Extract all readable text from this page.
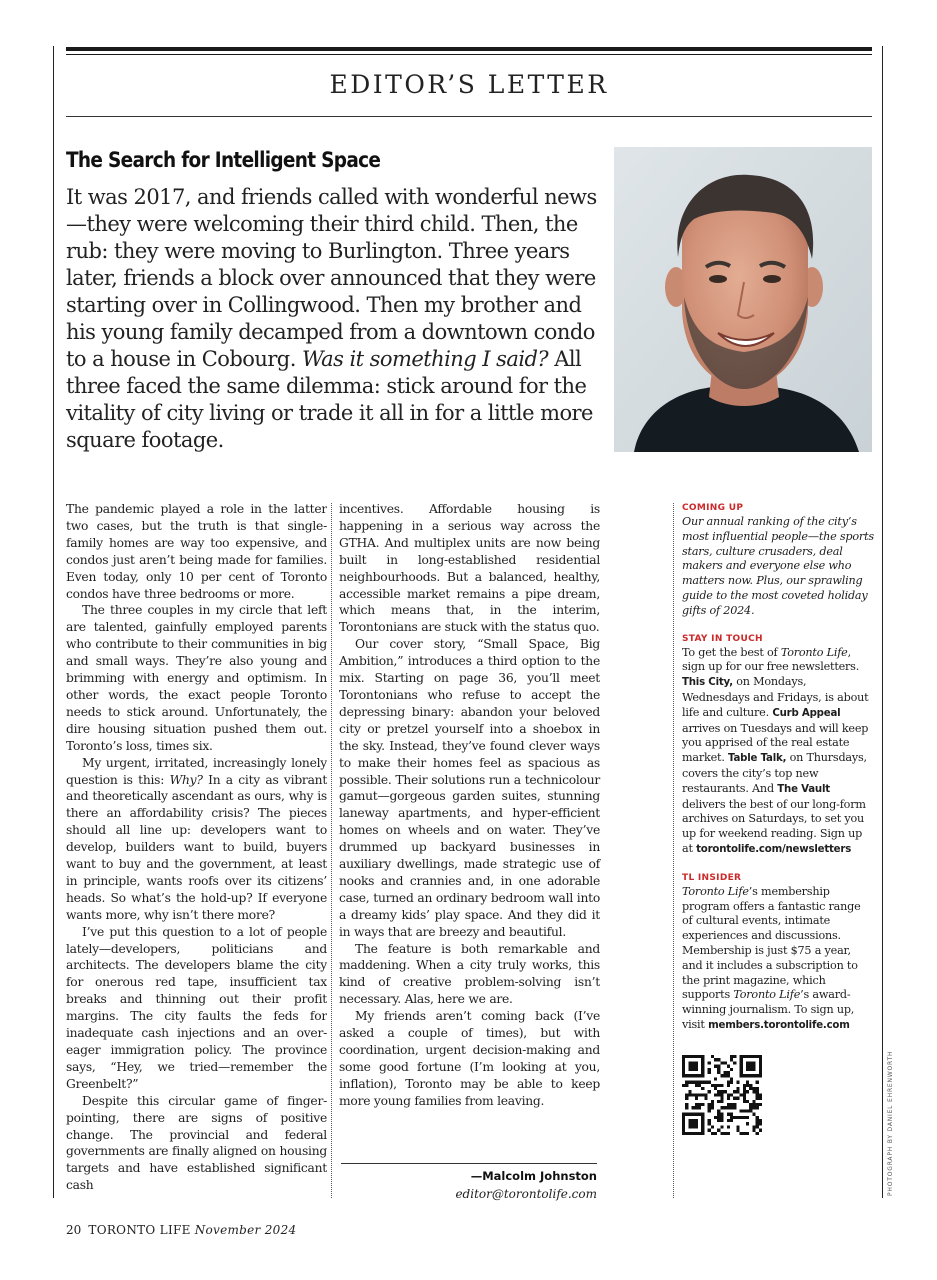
EDITOR’S LETTER
The Search for Intelligent Space

It was 2017, and friends called with wonderful news—they were welcoming their third child. Then, the rub: they were moving to Burlington. Three years later, friends a block over announced that they were starting over in Collingwood. Then my brother and his young family decamped from a downtown condo to a house in Cobourg. Was it something I said? All three faced the same dilemma: stick around for the vitality of city living or trade it all in for a little more square footage.

The pandemic played a role in the latter two cases, but the truth is that single-family homes are way too expensive, and condos just aren’t being made for families. Even today, only 10 per cent of Toronto condos have three bedrooms or more.

The three couples in my circle that left are talented, gainfully employed parents who contribute to their communities in big and small ways. They’re also young and brimming with energy and optimism. In other words, the exact people Toronto needs to stick around. Unfortunately, the dire housing situation pushed them out. Toronto’s loss, times six.

My urgent, irritated, increasingly lonely question is this: Why? In a city as vibrant and theoretically ascendant as ours, why is there an affordability crisis? The pieces should all line up: developers want to develop, builders want to build, buyers want to buy and the government, at least in principle, wants roofs over its citizens’ heads. So what’s the hold-up? If everyone wants more, why isn’t there more?

I’ve put this question to a lot of people lately—developers, politicians and architects. The developers blame the city for onerous red tape, insufficient tax breaks and thinning out their profit margins. The city faults the feds for inadequate cash injections and an over-eager immigration policy. The province says, “Hey, we tried—remember the Greenbelt?”

Despite this circular game of finger-pointing, there are signs of positive change. The provincial and federal governments are finally aligned on housing targets and have established significant cash

incentives. Affordable housing is happening in a serious way across the GTHA. And multiplex units are now being built in long-established residential neighbourhoods. But a balanced, healthy, accessible market remains a pipe dream, which means that, in the interim, Torontonians are stuck with the status quo.

Our cover story, “Small Space, Big Ambition,” introduces a third option to the mix. Starting on page 36, you’ll meet Torontonians who refuse to accept the depressing binary: abandon your beloved city or pretzel yourself into a shoebox in the sky. Instead, they’ve found clever ways to make their homes feel as spacious as possible. Their solutions run a technicolour gamut—gorgeous garden suites, stunning laneway apartments, and hyper-efficient homes on wheels and on water. They’ve drummed up backyard businesses in auxiliary dwellings, made strategic use of nooks and crannies and, in one adorable case, turned an ordinary bedroom wall into a dreamy kids’ play space. And they did it in ways that are breezy and beautiful.

The feature is both remarkable and maddening. When a city truly works, this kind of creative problem-solving isn’t necessary. Alas, here we are.

My friends aren’t coming back (I’ve asked a couple of times), but with coordination, urgent decision-making and some good fortune (I’m looking at you, inflation), Toronto may be able to keep more young families from leaving.

—Malcolm Johnston
editor@torontolife.com
COMING UP
Our annual ranking of the city’s most influential people—the sports stars, culture crusaders, deal makers and everyone else who matters now. Plus, our sprawling guide to the most coveted holiday gifts of 2024.
STAY IN TOUCH
To get the best of Toronto Life, sign up for our free newsletters. This City, on Mondays, Wednesdays and Fridays, is about life and culture. Curb Appeal arrives on Tuesdays and will keep you apprised of the real estate market. Table Talk, on Thursdays, covers the city’s top new restaurants. And The Vault delivers the best of our long-form archives on Saturdays, to set you up for weekend reading. Sign up at torontolife.com/newsletters
TL INSIDER
Toronto Life’s membership program offers a fantastic range of cultural events, intimate experiences and discussions. Membership is just $75 a year, and it includes a subscription to the print magazine, which supports Toronto Life’s award-winning journalism. To sign up, visit members.torontolife.com
PHOTOGRAPH BY DANIEL EHRENWORTH
20 TORONTO LIFE November 2024
